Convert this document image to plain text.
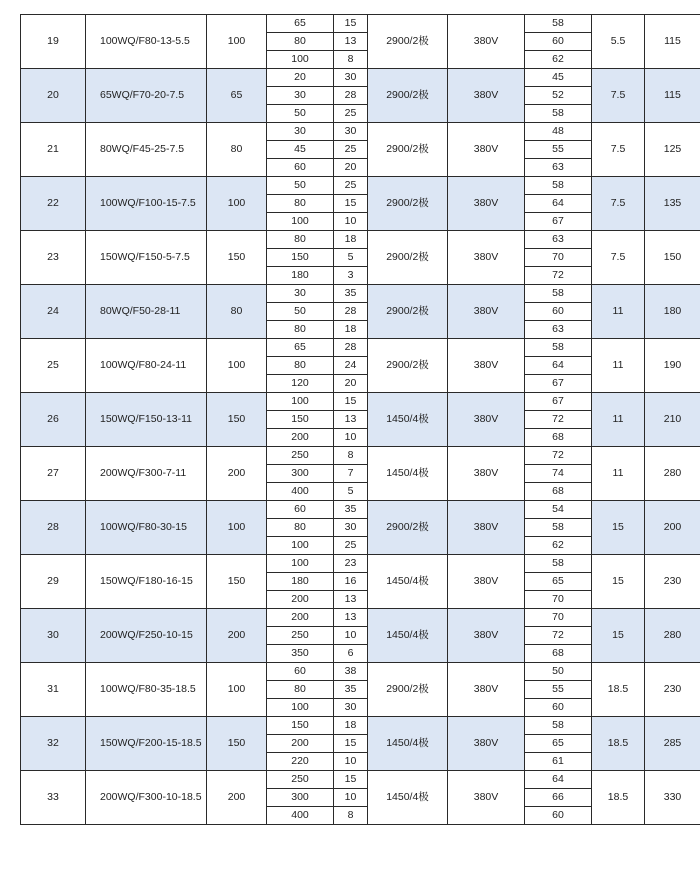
19	100WQ/F80-13-5.5	100	65	15	2900/2极	380V	58	5.5	115
			80	13			60		
			100	8			62		
20	65WQ/F70-20-7.5	65	20	30	2900/2极	380V	45	7.5	115
			30	28			52		
			50	25			58		
21	80WQ/F45-25-7.5	80	30	30	2900/2极	380V	48	7.5	125
			45	25			55		
			60	20			63		
22	100WQ/F100-15-7.5	100	50	25	2900/2极	380V	58	7.5	135
			80	15			64		
			100	10			67		
23	150WQ/F150-5-7.5	150	80	18	2900/2极	380V	63	7.5	150
			150	5			70		
			180	3			72		
24	80WQ/F50-28-11	80	30	35	2900/2极	380V	58	11	180
			50	28			60		
			80	18			63		
25	100WQ/F80-24-11	100	65	28	2900/2极	380V	58	11	190
			80	24			64		
			120	20			67		
26	150WQ/F150-13-11	150	100	15	1450/4极	380V	67	11	210
			150	13			72		
			200	10			68		
27	200WQ/F300-7-11	200	250	8	1450/4极	380V	72	11	280
			300	7			74		
			400	5			68		
28	100WQ/F80-30-15	100	60	35	2900/2极	380V	54	15	200
			80	30			58		
			100	25			62		
29	150WQ/F180-16-15	150	100	23	1450/4极	380V	58	15	230
			180	16			65		
			200	13			70		
30	200WQ/F250-10-15	200	200	13	1450/4极	380V	70	15	280
			250	10			72		
			350	6			68		
31	100WQ/F80-35-18.5	100	60	38	2900/2极	380V	50	18.5	230
			80	35			55		
			100	30			60		
32	150WQ/F200-15-18.5	150	150	18	1450/4极	380V	58	18.5	285
			200	15			65		
			220	10			61		
33	200WQ/F300-10-18.5	200	250	15	1450/4极	380V	64	18.5	330
			300	10			66		
			400	8			60		
